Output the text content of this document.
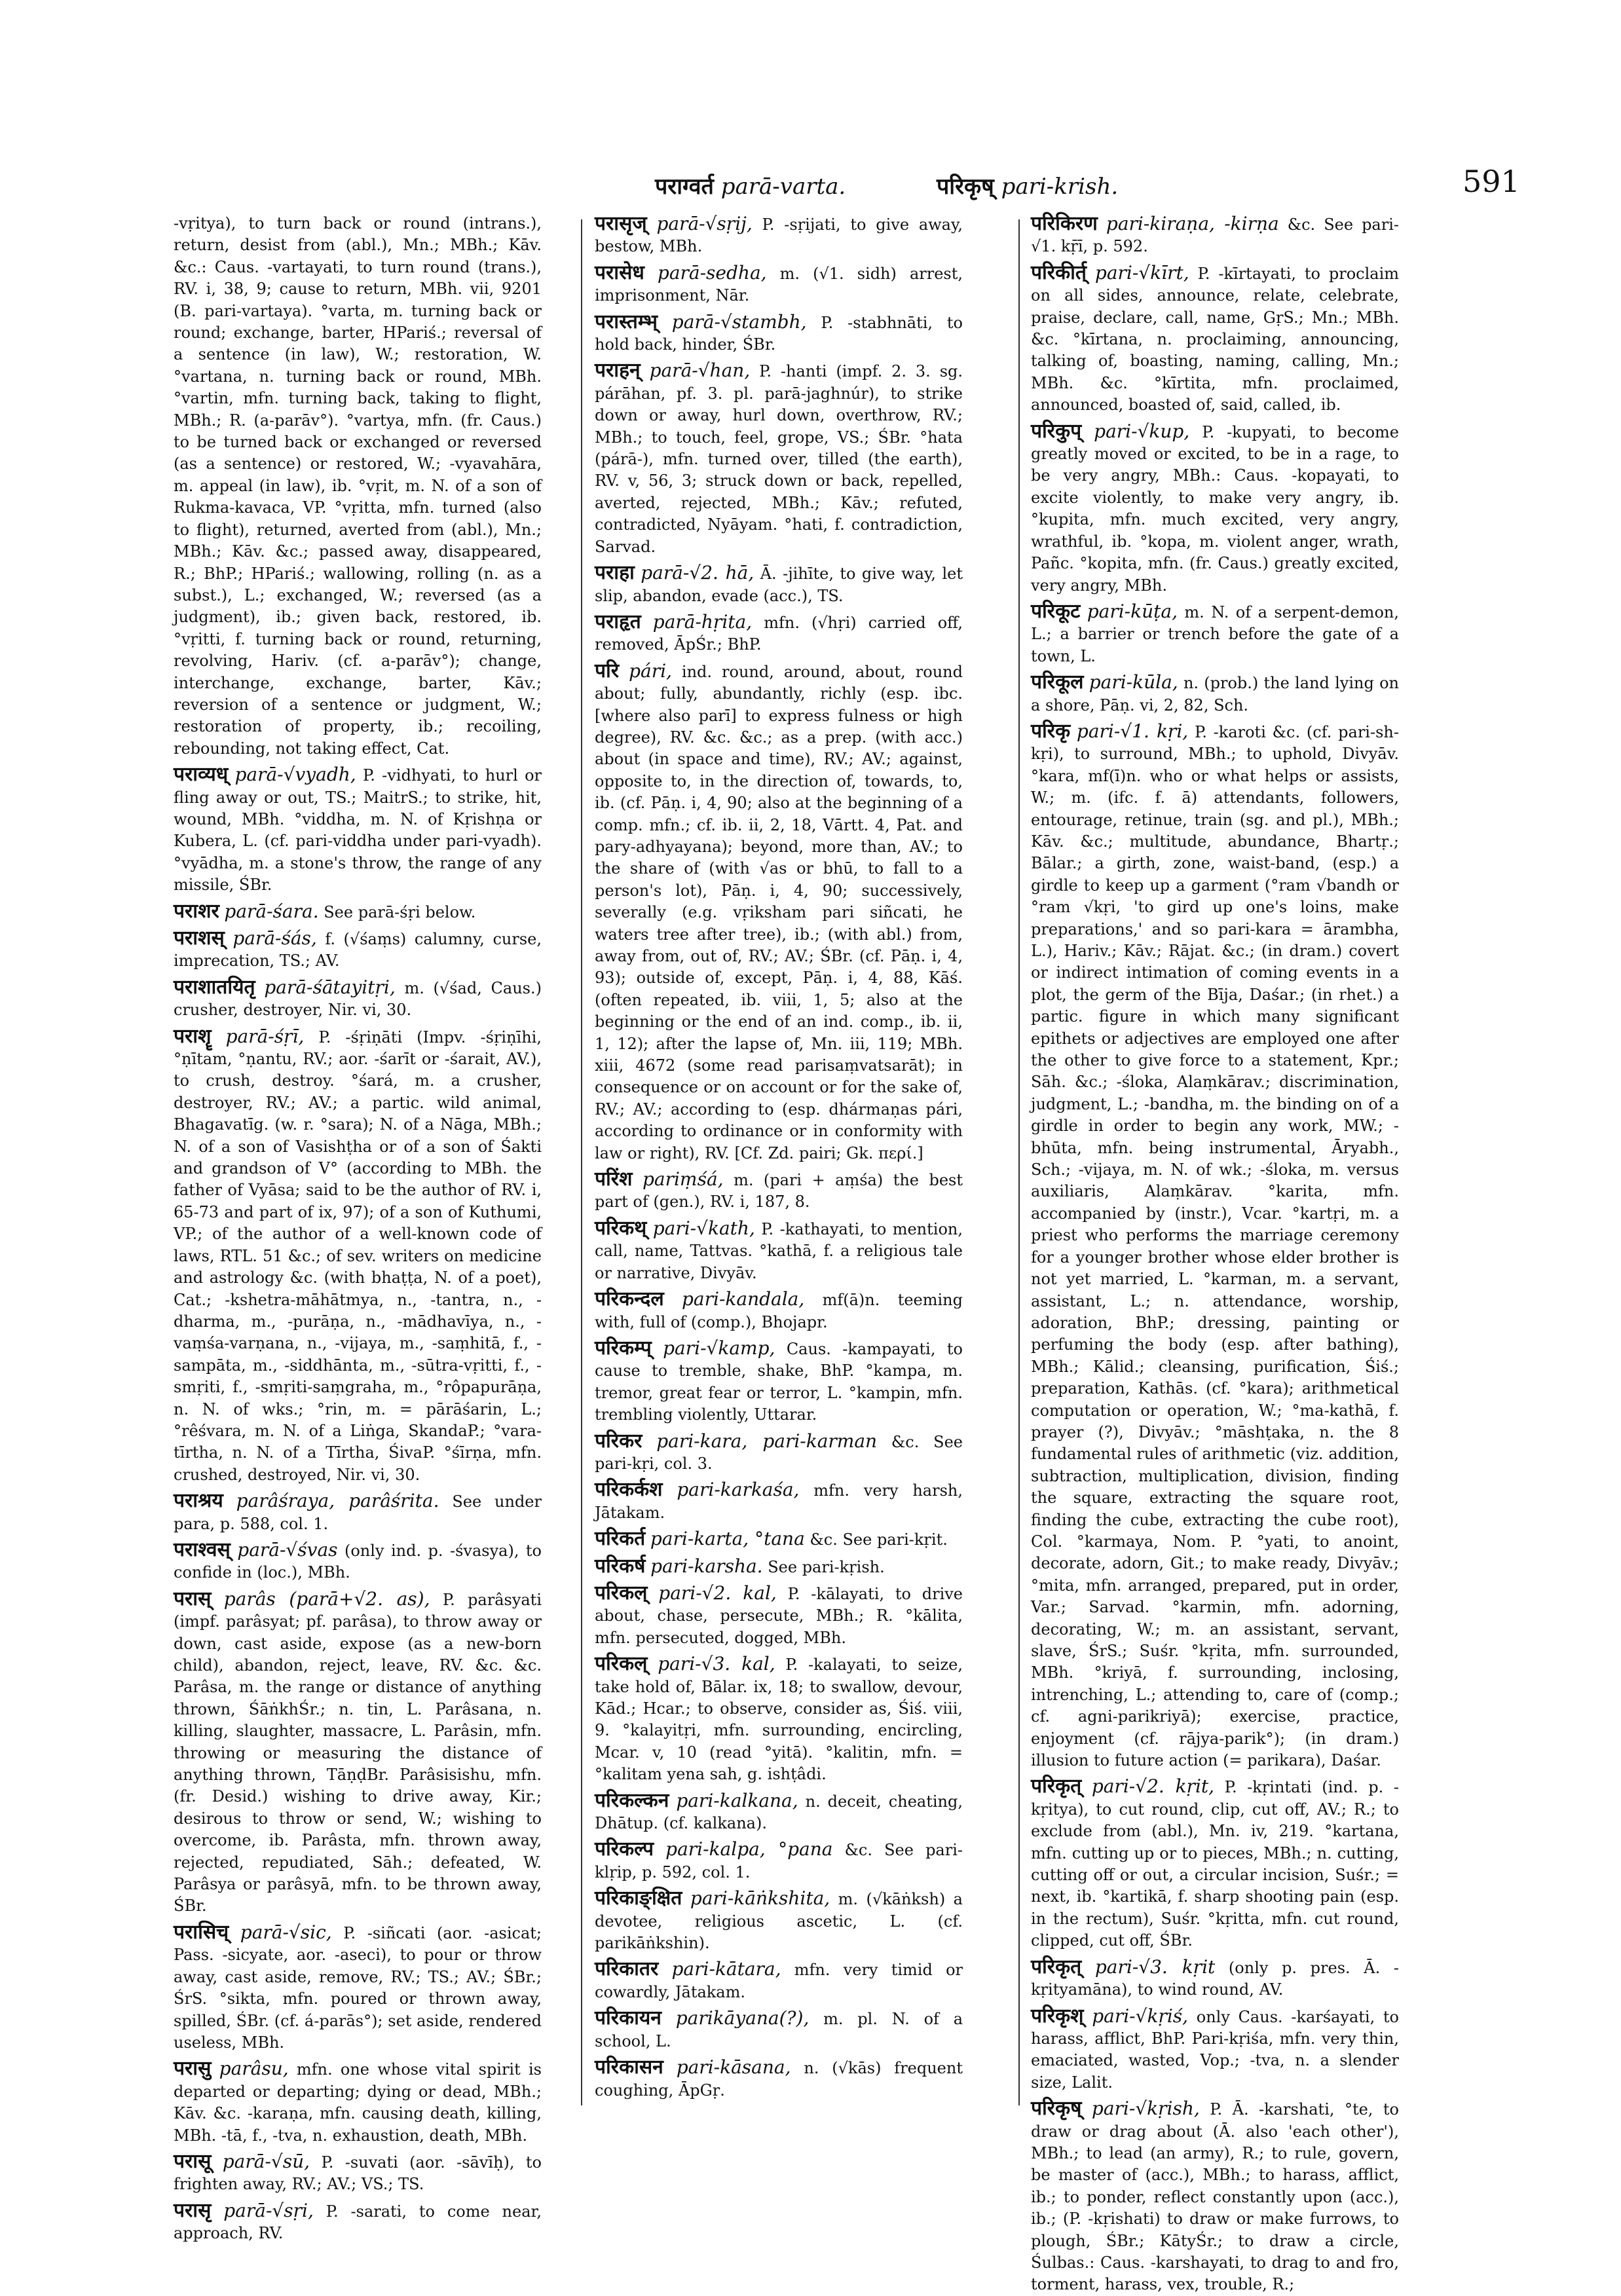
पराग्वर्त parā-varta.	परिकृष् pari-krish.	591

-vṛitya), to turn back or round (intrans.), return, desist from (abl.), Mn.; MBh.; Kāv. &c.: Caus. -vartayati, to turn round (trans.), RV. i, 38, 9; cause to return, MBh. vii, 9201 (B. pari-vartaya). °varta, m. turning back or round; exchange, barter, HPariś.; reversal of a sentence (in law), W.; restoration, W. °vartana, n. turning back or round, MBh. °vartin, mfn. turning back, taking to flight, MBh.; R. (a-parāv°). °vartya, mfn. (fr. Caus.) to be turned back or exchanged or reversed (as a sentence) or restored, W.; -vyavahāra, m. appeal (in law), ib. °vṛit, m. N. of a son of Rukma-kavaca, VP. °vṛitta, mfn. turned (also to flight), returned, averted from (abl.), Mn.; MBh.; Kāv. &c.; passed away, disappeared, R.; BhP.; HPariś.; wallowing, rolling (n. as a subst.), L.; exchanged, W.; reversed (as a judgment), ib.; given back, restored, ib. °vṛitti, f. turning back or round, returning, revolving, Hariv. (cf. a-parāv°); change, interchange, exchange, barter, Kāv.; reversion of a sentence or judgment, W.; restoration of property, ib.; recoiling, rebounding, not taking effect, Cat.

पराव्यध् parā-√vyadh, P. -vidhyati, to hurl or fling away or out, TS.; MaitrS.; to strike, hit, wound, MBh. °viddha, m. N. of Kṛishṇa or Kubera, L. (cf. pari-viddha under pari-vyadh). °vyādha, m. a stone's throw, the range of any missile, ŚBr.

पराशर parā-śara. See parā-śṛi below.

पराशस् parā-śás, f. (√śaṃs) calumny, curse, imprecation, TS.; AV.

पराशातयितृ parā-śātayitṛi, m. (√śad, Caus.) crusher, destroyer, Nir. vi, 30.

पराशॄ parā-śṛī, P. -śṛiṇāti (Impv. -śṛiṇīhi, °ṇītam, °ṇantu, RV.; aor. -śarīt or -śarait, AV.), to crush, destroy. °śará, m. a crusher, destroyer, RV.; AV.; a partic. wild animal, Bhagavatīg. (w. r. °sara); N. of a Nāga, MBh.; N. of a son of Vasishṭha or of a son of Śakti and grandson of V° (according to MBh. the father of Vyāsa; said to be the author of RV. i, 65-73 and part of ix, 97); of a son of Kuthumi, VP.; of the author of a well-known code of laws, RTL. 51 &c.; of sev. writers on medicine and astrology &c. (with bhaṭṭa, N. of a poet), Cat.; -kshetra-māhātmya, n., -tantra, n., -dharma, m., -purāṇa, n., -mādhavīya, n., -vaṃśa-varṇana, n., -vijaya, m., -saṃhitā, f., -sampāta, m., -siddhānta, m., -sūtra-vṛitti, f., -smṛiti, f., -smṛiti-saṃgraha, m., °rôpapurāṇa, n. N. of wks.; °rin, m. = pārāśarin, L.; °rêśvara, m. N. of a Liṅga, SkandaP.; °vara-tīrtha, n. N. of a Tīrtha, ŚivaP. °śīrṇa, mfn. crushed, destroyed, Nir. vi, 30.

पराश्रय parâśraya, parâśrita. See under para, p. 588, col. 1.

पराश्वस् parā-√śvas (only ind. p. -śvasya), to confide in (loc.), MBh.

परास् parâs (parā+√2. as), P. parâsyati (impf. parâsyat; pf. parâsa), to throw away or down, cast aside, expose (as a new-born child), abandon, reject, leave, RV. &c. &c. Parâsa, m. the range or distance of anything thrown, ŚāṅkhŚr.; n. tin, L. Parâsana, n. killing, slaughter, massacre, L. Parâsin, mfn. throwing or measuring the distance of anything thrown, TāṇḍBr. Parâsisishu, mfn. (fr. Desid.) wishing to drive away, Kir.; desirous to throw or send, W.; wishing to overcome, ib. Parâsta, mfn. thrown away, rejected, repudiated, Sāh.; defeated, W. Parâsya or parâsyā, mfn. to be thrown away, ŚBr.

परासिच् parā-√sic, P. -siñcati (aor. -asicat; Pass. -sicyate, aor. -aseci), to pour or throw away, cast aside, remove, RV.; TS.; AV.; ŚBr.; ŚrS. °sikta, mfn. poured or thrown away, spilled, ŚBr. (cf. á-parās°); set aside, rendered useless, MBh.

परासु parâsu, mfn. one whose vital spirit is departed or departing; dying or dead, MBh.; Kāv. &c. -karaṇa, mfn. causing death, killing, MBh. -tā, f., -tva, n. exhaustion, death, MBh.

परासू parā-√sū, P. -suvati (aor. -sāvīḥ), to frighten away, RV.; AV.; VS.; TS.

परासृ parā-√sṛi, P. -sarati, to come near, approach, RV.

परासृज् parā-√sṛij, P. -sṛijati, to give away, bestow, MBh.

परासेध parā-sedha, m. (√1. sidh) arrest, imprisonment, Nār.

परास्तम्भ् parā-√stambh, P. -stabhnāti, to hold back, hinder, ŚBr.

पराहन् parā-√han, P. -hanti (impf. 2. 3. sg. párāhan, pf. 3. pl. parā-jaghnúr), to strike down or away, hurl down, overthrow, RV.; MBh.; to touch, feel, grope, VS.; ŚBr. °hata (párā-), mfn. turned over, tilled (the earth), RV. v, 56, 3; struck down or back, repelled, averted, rejected, MBh.; Kāv.; refuted, contradicted, Nyāyam. °hati, f. contradiction, Sarvad.

पराहा parā-√2. hā, Ā. -jihīte, to give way, let slip, abandon, evade (acc.), TS.

पराहृत parā-hṛita, mfn. (√hṛi) carried off, removed, ĀpŚr.; BhP.

परि pári, ind. round, around, about, round about; fully, abundantly, richly (esp. ibc. [where also parī] to express fulness or high degree), RV. &c. &c.; as a prep. (with acc.) about (in space and time), RV.; AV.; against, opposite to, in the direction of, towards, to, ib. (cf. Pāṇ. i, 4, 90; also at the beginning of a comp. mfn.; cf. ib. ii, 2, 18, Vārtt. 4, Pat. and pary-adhyayana); beyond, more than, AV.; to the share of (with √as or bhū, to fall to a person's lot), Pāṇ. i, 4, 90; successively, severally (e.g. vṛiksham pari siñcati, he waters tree after tree), ib.; (with abl.) from, away from, out of, RV.; AV.; ŚBr. (cf. Pāṇ. i, 4, 93); outside of, except, Pāṇ. i, 4, 88, Kāś. (often repeated, ib. viii, 1, 5; also at the beginning or the end of an ind. comp., ib. ii, 1, 12); after the lapse of, Mn. iii, 119; MBh. xiii, 4672 (some read parisaṃvatsarāt); in consequence or on account or for the sake of, RV.; AV.; according to (esp. dhármaṇas pári, according to ordinance or in conformity with law or right), RV. [Cf. Zd. pairi; Gk. περί.]

परिंश pariṃśá, m. (pari + aṃśa) the best part of (gen.), RV. i, 187, 8.

परिकथ् pari-√kath, P. -kathayati, to mention, call, name, Tattvas. °kathā, f. a religious tale or narrative, Divyāv.

परिकन्दल pari-kandala, mf(ā)n. teeming with, full of (comp.), Bhojapr.

परिकम्प् pari-√kamp, Caus. -kampayati, to cause to tremble, shake, BhP. °kampa, m. tremor, great fear or terror, L. °kampin, mfn. trembling violently, Uttarar.

परिकर pari-kara, pari-karman &c. See pari-kṛi, col. 3.

परिकर्कश pari-karkaśa, mfn. very harsh, Jātakam.

परिकर्त pari-karta, °tana &c. See pari-kṛit.

परिकर्ष pari-karsha. See pari-kṛish.

परिकल् pari-√2. kal, P. -kālayati, to drive about, chase, persecute, MBh.; R. °kālita, mfn. persecuted, dogged, MBh.

परिकल् pari-√3. kal, P. -kalayati, to seize, take hold of, Bālar. ix, 18; to swallow, devour, Kād.; Hcar.; to observe, consider as, Śiś. viii, 9. °kalayitṛi, mfn. surrounding, encircling, Mcar. v, 10 (read °yitā). °kalitin, mfn. = °kalitam yena sah, g. ishṭâdi.

परिकल्कन pari-kalkana, n. deceit, cheating, Dhātup. (cf. kalkana).

परिकल्प pari-kalpa, °pana &c. See pari-klṛip, p. 592, col. 1.

परिकाङ्क्षित pari-kāṅkshita, m. (√kāṅksh) a devotee, religious ascetic, L. (cf. parikāṅkshin).

परिकातर pari-kātara, mfn. very timid or cowardly, Jātakam.

परिकायन parikāyana(?), m. pl. N. of a school, L.

परिकासन pari-kāsana, n. (√kās) frequent coughing, ĀpGṛ.

परिकिरण pari-kiraṇa, -kirṇa &c. See pari-√1. kṝī, p. 592.

परिकीर्त् pari-√kīrt, P. -kīrtayati, to proclaim on all sides, announce, relate, celebrate, praise, declare, call, name, GṛS.; Mn.; MBh. &c. °kīrtana, n. proclaiming, announcing, talking of, boasting, naming, calling, Mn.; MBh. &c. °kīrtita, mfn. proclaimed, announced, boasted of, said, called, ib.

परिकुप् pari-√kup, P. -kupyati, to become greatly moved or excited, to be in a rage, to be very angry, MBh.: Caus. -kopayati, to excite violently, to make very angry, ib. °kupita, mfn. much excited, very angry, wrathful, ib. °kopa, m. violent anger, wrath, Pañc. °kopita, mfn. (fr. Caus.) greatly excited, very angry, MBh.

परिकूट pari-kūṭa, m. N. of a serpent-demon, L.; a barrier or trench before the gate of a town, L.

परिकूल pari-kūla, n. (prob.) the land lying on a shore, Pāṇ. vi, 2, 82, Sch.

परिकृ pari-√1. kṛi, P. -karoti &c. (cf. pari-sh-kṛi), to surround, MBh.; to uphold, Divyāv. °kara, mf(ī)n. who or what helps or assists, W.; m. (ifc. f. ā) attendants, followers, entourage, retinue, train (sg. and pl.), MBh.; Kāv. &c.; multitude, abundance, Bhartṛ.; Bālar.; a girth, zone, waist-band, (esp.) a girdle to keep up a garment (°ram √bandh or °ram √kṛi, 'to gird up one's loins, make preparations,' and so pari-kara = ārambha, L.), Hariv.; Kāv.; Rājat. &c.; (in dram.) covert or indirect intimation of coming events in a plot, the germ of the Bīja, Daśar.; (in rhet.) a partic. figure in which many significant epithets or adjectives are employed one after the other to give force to a statement, Kpr.; Sāh. &c.; -śloka, Alaṃkārav.; discrimination, judgment, L.; -bandha, m. the binding on of a girdle in order to begin any work, MW.; -bhūta, mfn. being instrumental, Āryabh., Sch.; -vijaya, m. N. of wk.; -śloka, m. versus auxiliaris, Alaṃkārav. °karita, mfn. accompanied by (instr.), Vcar. °kartṛi, m. a priest who performs the marriage ceremony for a younger brother whose elder brother is not yet married, L. °karman, m. a servant, assistant, L.; n. attendance, worship, adoration, BhP.; dressing, painting or perfuming the body (esp. after bathing), MBh.; Kālid.; cleansing, purification, Śiś.; preparation, Kathās. (cf. °kara); arithmetical computation or operation, W.; °ma-kathā, f. prayer (?), Divyāv.; °māshṭaka, n. the 8 fundamental rules of arithmetic (viz. addition, subtraction, multiplication, division, finding the square, extracting the square root, finding the cube, extracting the cube root), Col. °karmaya, Nom. P. °yati, to anoint, decorate, adorn, Git.; to make ready, Divyāv.; °mita, mfn. arranged, prepared, put in order, Var.; Sarvad. °karmin, mfn. adorning, decorating, W.; m. an assistant, servant, slave, ŚrS.; Suśr. °kṛita, mfn. surrounded, MBh. °kriyā, f. surrounding, inclosing, intrenching, L.; attending to, care of (comp.; cf. agni-parikriyā); exercise, practice, enjoyment (cf. rājya-parik°); (in dram.) illusion to future action (= parikara), Daśar.

परिकृत् pari-√2. kṛit, P. -kṛintati (ind. p. -kṛitya), to cut round, clip, cut off, AV.; R.; to exclude from (abl.), Mn. iv, 219. °kartana, mfn. cutting up or to pieces, MBh.; n. cutting, cutting off or out, a circular incision, Suśr.; = next, ib. °kartikā, f. sharp shooting pain (esp. in the rectum), Suśr. °kṛitta, mfn. cut round, clipped, cut off, ŚBr.

परिकृत् pari-√3. kṛit (only p. pres. Ā. -kṛityamāna), to wind round, AV.

परिकृश् pari-√kṛiś, only Caus. -karśayati, to harass, afflict, BhP. Pari-kṛiśa, mfn. very thin, emaciated, wasted, Vop.; -tva, n. a slender size, Lalit.

परिकृष् pari-√kṛish, P. Ā. -karshati, °te, to draw or drag about (Ā. also 'each other'), MBh.; to lead (an army), R.; to rule, govern, be master of (acc.), MBh.; to harass, afflict, ib.; to ponder, reflect constantly upon (acc.), ib.; (P. -kṛishati) to draw or make furrows, to plough, ŚBr.; KātyŚr.; to draw a circle, Śulbas.: Caus. -karshayati, to drag to and fro, torment, harass, vex, trouble, R.;
